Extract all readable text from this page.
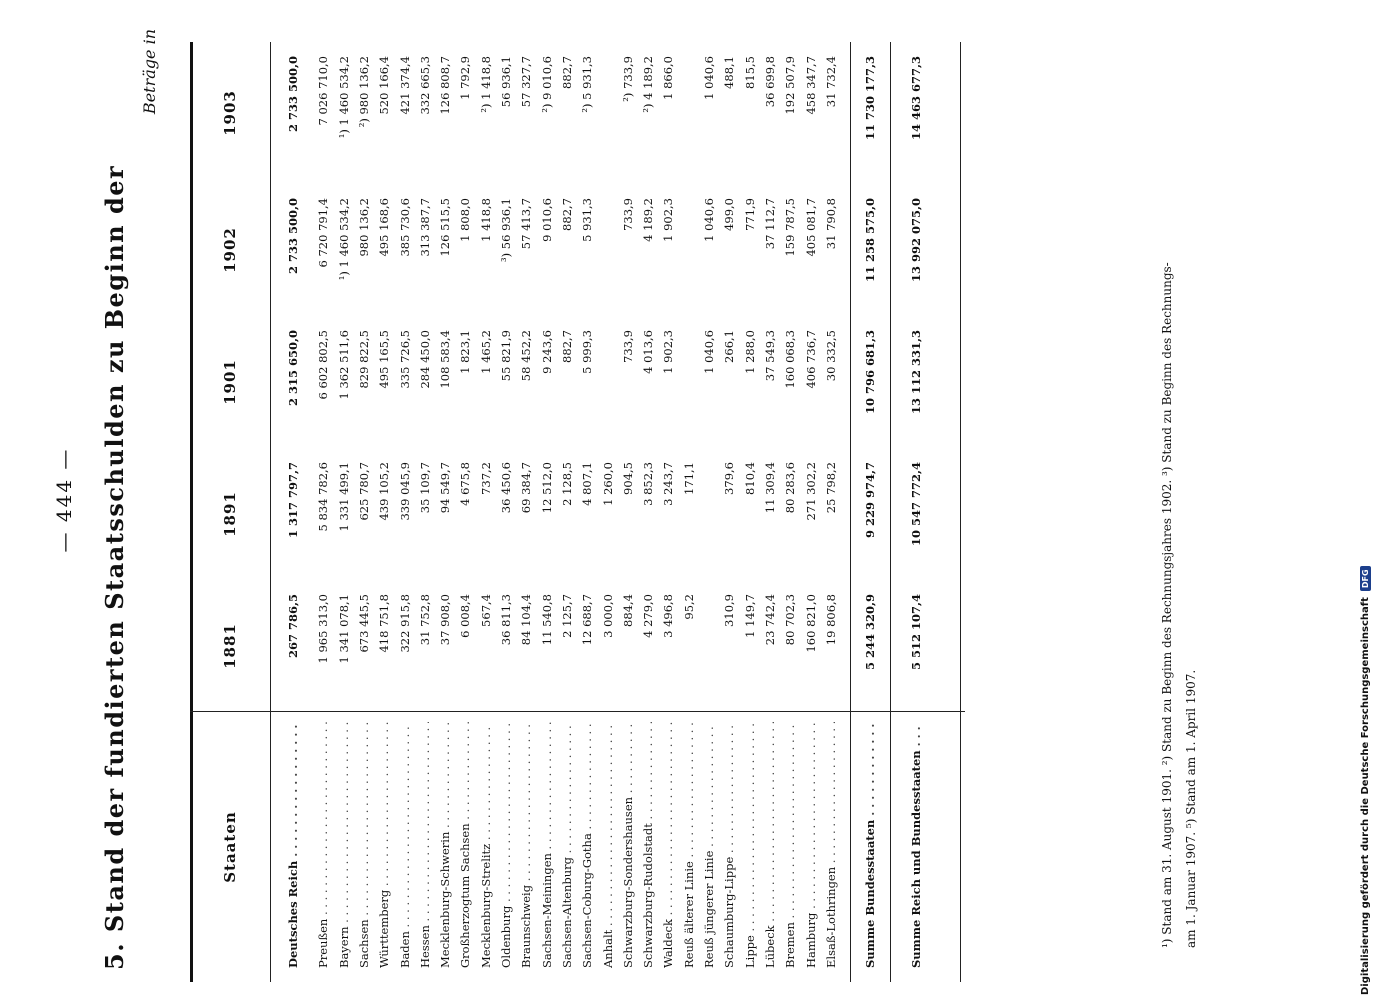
— 444 — 5. Stand der fundierten Staatsschulden zu Beginn der
Beträge in
Staaten
1881
1891
1901
1902
1903
Deutsches Reich . . .
267 786,5
1 317 797,7
2 315 650,0
2 733 500,0
2 733 500,0
Preußen . . .
1 965 313,0
5 834 782,6
6 602 802,5
6 720 791,4
7 026 710,0
Bayern . . .
1 341 078,1
1 331 499,1
1 362 511,6
¹) 1 460 534,2
¹) 1 460 534,2
Sachsen . . .
673 445,5
625 780,7
829 822,5
980 136,2
²) 980 136,2
Württemberg . . .
418 751,8
439 105,2
495 165,5
495 168,6
520 166,4
Baden . . .
322 915,8
339 045,9
335 726,5
385 730,6
421 374,4
Hessen . . .
31 752,8
35 109,7
284 450,0
313 387,7
332 665,3
Mecklenburg-Schwerin . . .
37 908,0
94 549,7
108 583,4
126 515,5
126 808,7
Großherzogtum Sachsen . . .
6 008,4
4 675,8
1 823,1
1 808,0
1 792,9
Mecklenburg-Strelitz . . .
567,4
737,2
1 465,2
1 418,8
²) 1 418,8
Oldenburg . . .
36 811,3
36 450,6
55 821,9
³) 56 936,1
56 936,1
Braunschweig . . .
84 104,4
69 384,7
58 452,2
57 413,7
57 327,7
Sachsen-Meiningen . . .
11 540,8
12 512,0
9 243,6
9 010,6
²) 9 010,6
Sachsen-Altenburg . . .
2 125,7
2 128,5
882,7
882,7
882,7
Sachsen-Coburg-Gotha . . .
12 688,7
4 807,1
5 999,3
5 931,3
²) 5 931,3
Anhalt . . .
3 000,0
1 260,0
Schwarzburg-Sondershausen . . .
884,4
904,5
733,9
733,9
²) 733,9
Schwarzburg-Rudolstadt . . .
4 279,0
3 852,3
4 013,6
4 189,2
²) 4 189,2
Waldeck . . .
3 496,8
3 243,7
1 902,3
1 902,3
1 866,0
Reuß älterer Linie . . .
95,2
171,1
Reuß jüngerer Linie . . .
1 040,6
1 040,6
1 040,6
Schaumburg-Lippe . . .
310,9
379,6
266,1
499,0
488,1
Lippe . . .
1 149,7
810,4
1 288,0
771,9
815,5
Lübeck . . .
23 742,4
11 309,4
37 549,3
37 112,7
36 699,8
Bremen . . .
80 702,3
80 283,6
160 068,3
159 787,5
192 507,9
Hamburg . . .
160 821,0
271 302,2
406 736,7
405 081,7
458 347,7
Elsaß-Lothringen . . .
19 806,8
25 798,2
30 332,5
31 790,8
31 732,4
Summe Bundesstaaten . . .
5 244 320,9
9 229 974,7
10 796 681,3
11 258 575,0
11 730 177,3
Summe Reich und Bundesstaaten . . .
5 512 107,4
10 547 772,4
13 112 331,3
13 992 075,0
14 463 677,3
¹) Stand am 31. August 1901. ²) Stand zu Beginn des Rechnungsjahres 1902. ³) Stand zu Beginn des Rechnungs- am 1. Januar 1907. ⁵) Stand am 1. April 1907.	Digitalisierung gefördert durch die Deutsche Forschungsgemeinschaft
DFG
